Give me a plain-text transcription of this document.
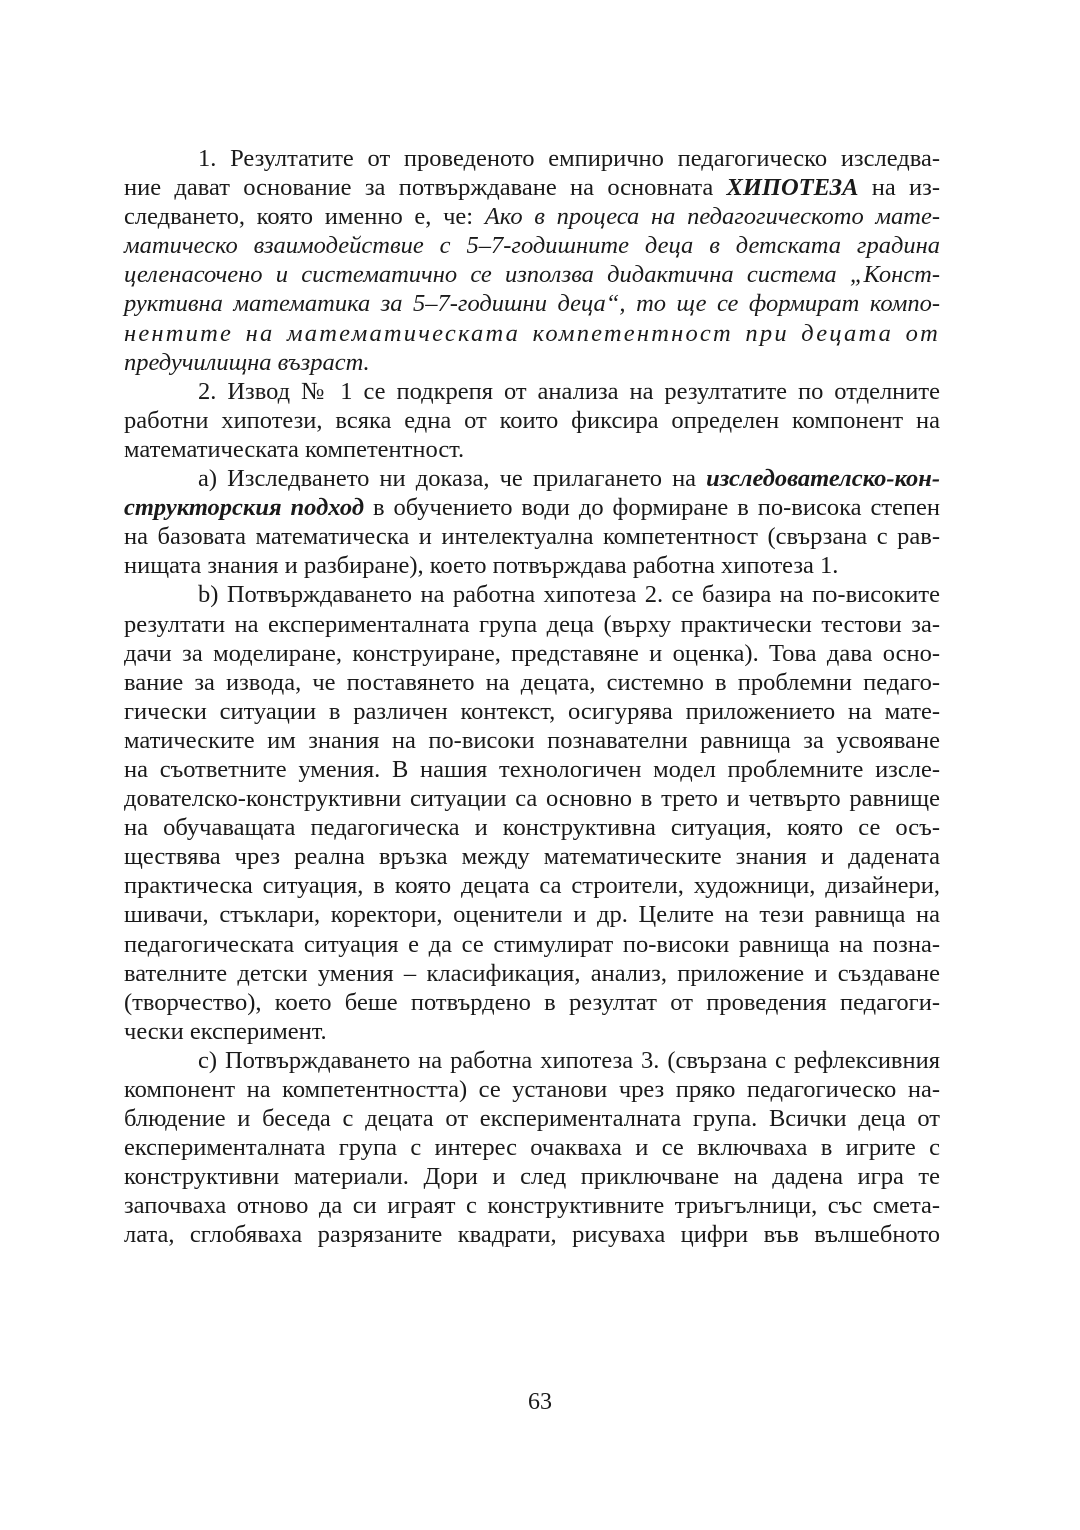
1. Резултатите от проведеното емпирично педагогическо изследва-
ние дават основание за потвърждаване на основната ХИПОТЕЗА на из-
следването, която именно е, че: Ако в процеса на педагогическото мате-
матическо взаимодействие с 5–7-годишните деца в детската градина
целенасочено и систематично се използва дидактична система „Конст-
руктивна математика за 5–7-годишни деца“, то ще се формират компо-
нентите на математическата компетентност при децата от
предучилищна възраст.
2. Извод № 1 се подкрепя от анализа на резултатите по отделните
работни хипотези, всяка една от които фиксира определен компонент на
математическата компетентност.
a) Изследването ни доказа, че прилагането на изследователско-кон-
структорския подход в обучението води до формиране в по-висока степен
на базовата математическа и интелектуална компетентност (свързана с рав-
нищата знания и разбиране), което потвърждава работна хипотеза 1.
b) Потвърждаването на работна хипотеза 2. се базира на по-високите
резултати на експерименталната група деца (върху практически тестови за-
дачи за моделиране, конструиране, представяне и оценка). Това дава осно-
вание за извода, че поставянето на децата, системно в проблемни педаго-
гически ситуации в различен контекст, осигурява приложението на мате-
матическите им знания на по-високи познавателни равнища за усвояване
на съответните умения. В нашия технологичен модел проблемните изсле-
дователско-конструктивни ситуации са основно в трето и четвърто равнище
на обучаващата педагогическа и конструктивна ситуация, която се осъ-
ществява чрез реална връзка между математическите знания и дадената
практическа ситуация, в която децата са строители, художници, дизайнери,
шивачи, стъклари, коректори, оценители и др. Целите на тези равнища на
педагогическата ситуация е да се стимулират по-високи равнища на позна-
вателните детски умения – класификация, анализ, приложение и създаване
(творчество), което беше потвърдено в резултат от проведения педагоги-
чески експеримент.
c) Потвърждаването на работна хипотеза 3. (свързана с рефлексивния
компонент на компетентността) се установи чрез пряко педагогическо на-
блюдение и беседа с децата от експерименталната група. Всички деца от
експерименталната група с интерес очакваха и се включваха в игрите с
конструктивни материали. Дори и след приключване на дадена игра те
започваха отново да си играят с конструктивните триъгълници, със смета-
лата, сглобяваха разрязаните квадрати, рисуваха цифри във вълшебното
63
